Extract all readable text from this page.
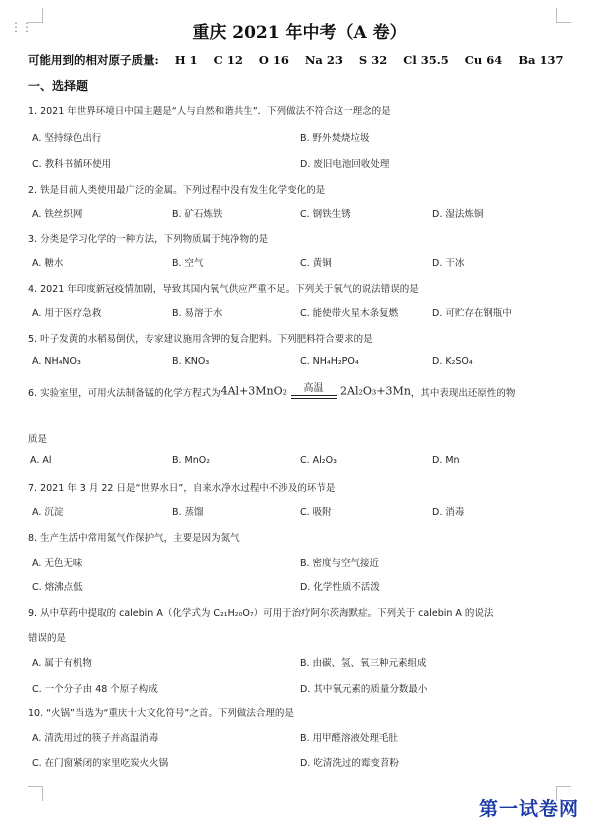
⋮⋮	重庆 2021 年中考（A 卷）
可能用到的相对原子质量: H 1 C 12 O 16 Na 23 S 32 Cl 35.5 Cu 64 Ba 137
一、选择题
1. 2021 年世界环境日中国主题是“人与自然和谐共生”．下列做法不符合这一理念的是
A. 坚持绿色出行	B. 野外焚烧垃圾
C. 教科书循环使用	D. 废旧电池回收处理
2. 铁是目前人类使用最广泛的金属。下列过程中没有发生化学变化的是
A. 铁丝织网	B. 矿石炼铁	C. 钢铁生锈	D. 湿法炼铜
3. 分类是学习化学的一种方法，下列物质属于纯净物的是
A. 糖水	B. 空气	C. 黄铜	D. 干冰
4. 2021 年印度新冠疫情加剧，导致其国内氧气供应严重不足。下列关于氧气的说法错误的是
A. 用于医疗急救	B. 易溶于水	C. 能使带火星木条复燃	D. 可贮存在钢瓶中
5. 叶子发黄的水稻易倒伏，专家建议施用含钾的复合肥料。下列肥料符合要求的是
A. NH₄NO₃	B. KNO₃	C. NH₄H₂PO₄	D. K₂SO₄
6. 实验室里，可用火法制备锰的化学方程式为 4Al+3MnO₂	高温	2Al₂O₃+3Mn ，其中表现出还原性的物
质是
A. Al	B. MnO₂	C. Al₂O₃	D. Mn
7. 2021 年 3 月 22 日是“世界水日”，自来水净水过程中不涉及的环节是
A. 沉淀	B. 蒸馏	C. 吸附	D. 消毒
8. 生产生活中常用氮气作保护气，主要是因为氮气
A. 无色无味	B. 密度与空气接近
C. 熔沸点低	D. 化学性质不活泼
9. 从中草药中提取的 calebin A（化学式为 C₂₁H₂₀O₇）可用于治疗阿尔茨海默症。下列关于 calebin A 的说法
错误的是
A. 属于有机物	B. 由碳、氢、氧三种元素组成
C. 一个分子由 48 个原子构成	D. 其中氧元素的质量分数最小
10. “火锅”当选为“重庆十大文化符号”之首。下列做法合理的是
A. 清洗用过的筷子并高温消毒	B. 用甲醛溶液处理毛肚
C. 在门窗紧闭的家里吃炭火火锅	D. 吃清洗过的霉变苕粉
第一试卷网
